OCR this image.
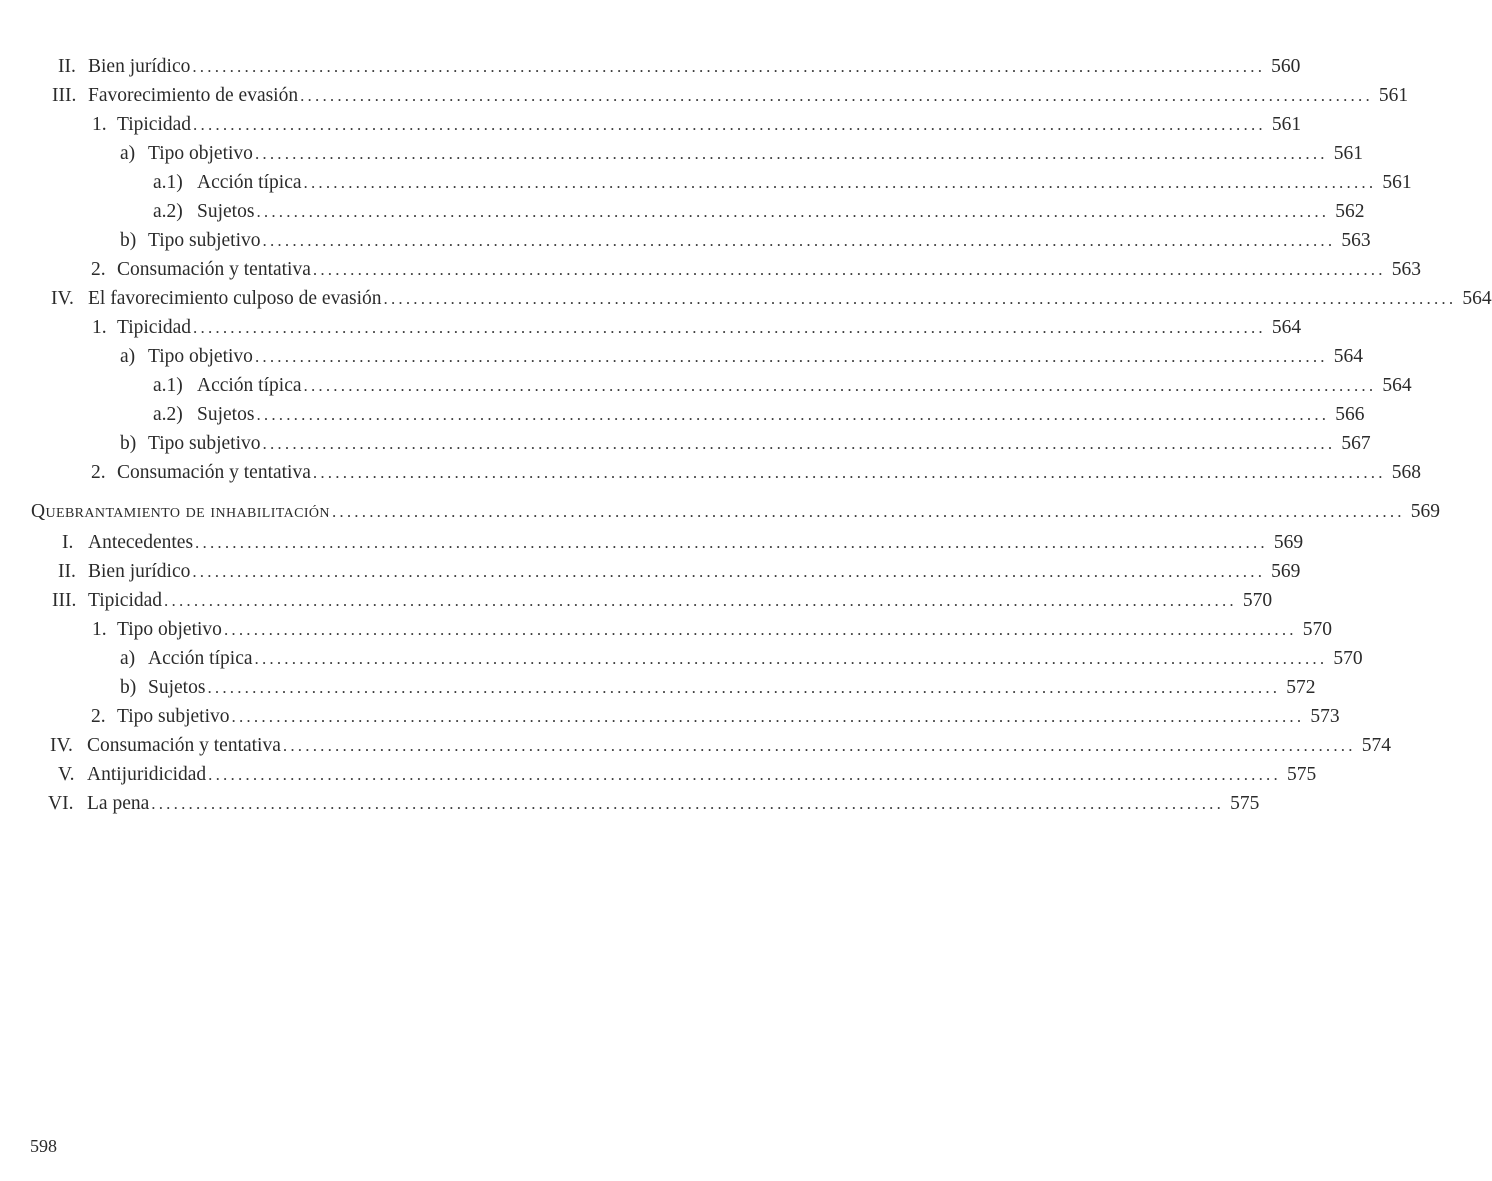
II. Bien jurídico ................................................................................................................................................ 560
III. Favorecimiento de evasión ................................................................................................................................................ 561
1. Tipicidad ................................................................................................................................................ 561
a) Tipo objetivo ................................................................................................................................................ 561
a.1) Acción típica ................................................................................................................................................ 561
a.2) Sujetos ................................................................................................................................................ 562
b) Tipo subjetivo ................................................................................................................................................ 563
2. Consumación y tentativa ................................................................................................................................................ 563
IV. El favorecimiento culposo de evasión ................................................................................................................................................ 564
1. Tipicidad ................................................................................................................................................ 564
a) Tipo objetivo ................................................................................................................................................ 564
a.1) Acción típica ................................................................................................................................................ 564
a.2) Sujetos ................................................................................................................................................ 566
b) Tipo subjetivo ................................................................................................................................................ 567
2. Consumación y tentativa ................................................................................................................................................ 568
Quebrantamiento de inhabilitación ................................................................................................................................................ 569
I. Antecedentes ................................................................................................................................................ 569
II. Bien jurídico ................................................................................................................................................ 569
III. Tipicidad ................................................................................................................................................ 570
1. Tipo objetivo ................................................................................................................................................ 570
a) Acción típica ................................................................................................................................................ 570
b) Sujetos ................................................................................................................................................ 572
2. Tipo subjetivo ................................................................................................................................................ 573
IV. Consumación y tentativa ................................................................................................................................................ 574
V. Antijuridicidad ................................................................................................................................................ 575
VI. La pena ................................................................................................................................................ 575
598
